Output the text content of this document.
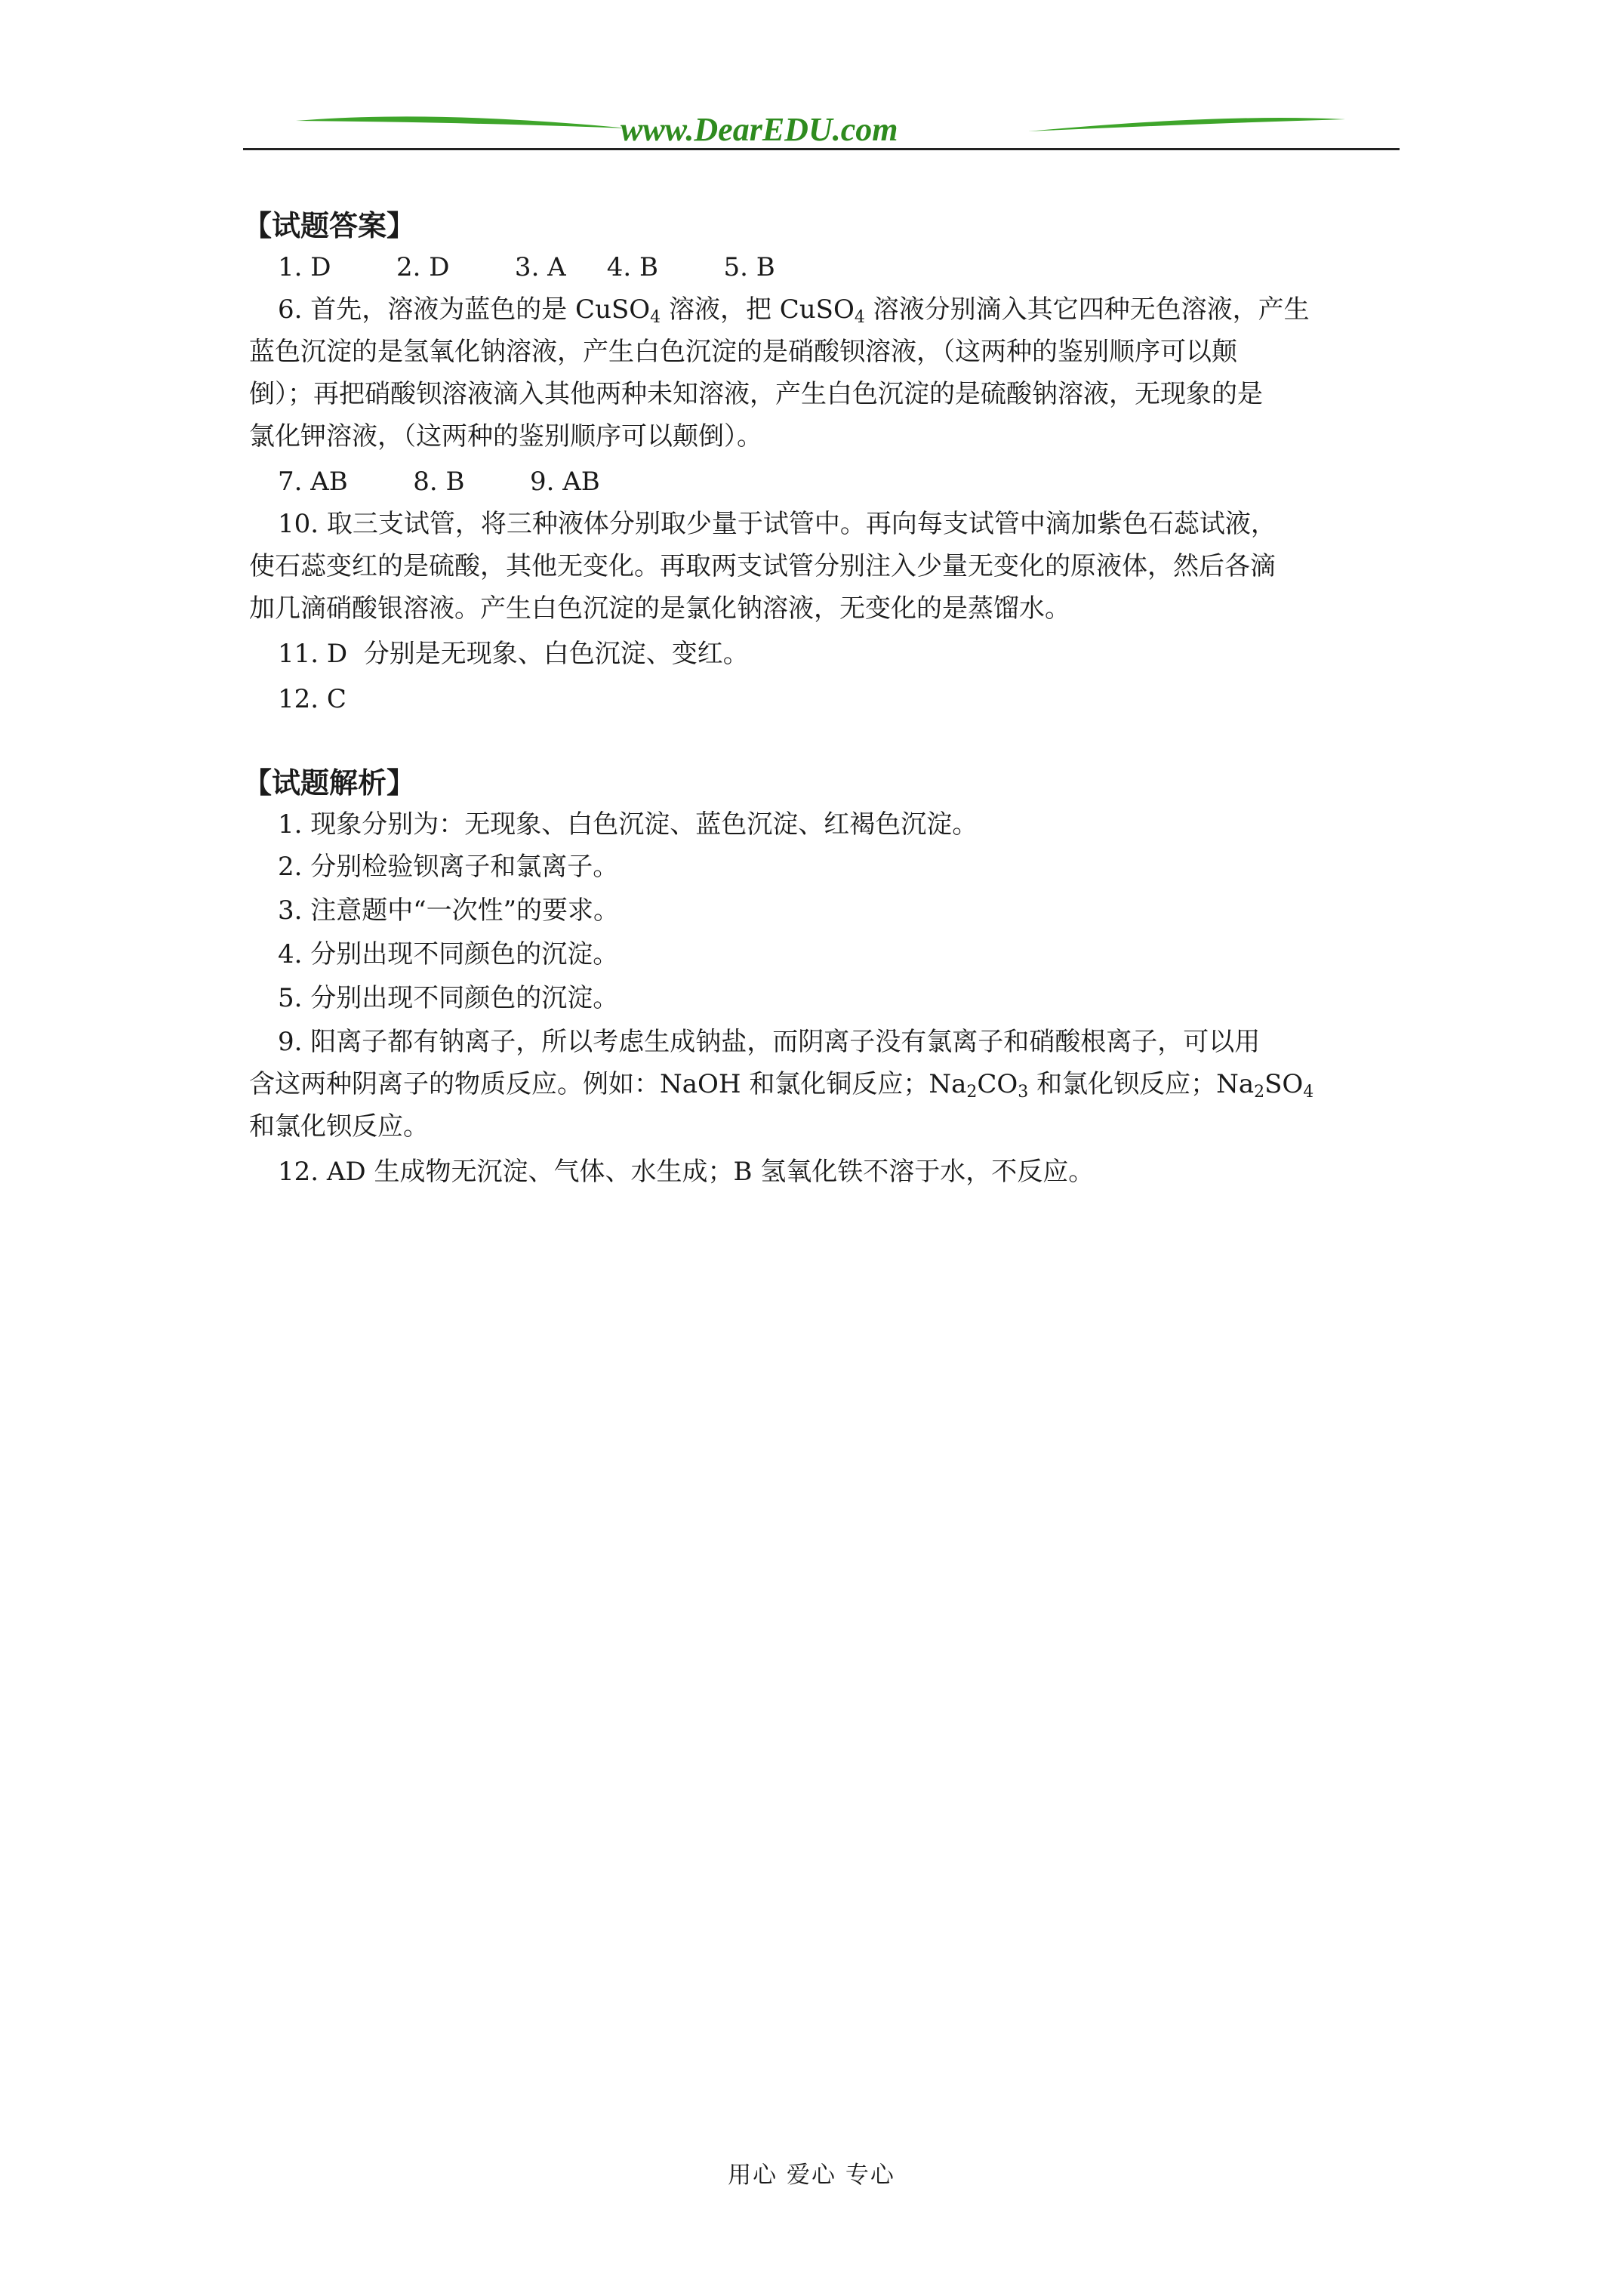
www.DearEDU.com
【试题答案】
1. D        2. D        3. A     4. B        5. B
6. 首先，溶液为蓝色的是 CuSO$_4$ 溶液，把 CuSO$_4$ 溶液分别滴入其它四种无色溶液，产生
蓝色沉淀的是氢氧化钠溶液，产生白色沉淀的是硝酸钡溶液，（这两种的鉴别顺序可以颠
倒）；再把硝酸钡溶液滴入其他两种未知溶液，产生白色沉淀的是硫酸钠溶液，无现象的是
氯化钾溶液，（这两种的鉴别顺序可以颠倒）。
7. AB        8. B        9. AB
10. 取三支试管，将三种液体分别取少量于试管中。再向每支试管中滴加紫色石蕊试液，
使石蕊变红的是硫酸，其他无变化。再取两支试管分别注入少量无变化的原液体，然后各滴
加几滴硝酸银溶液。产生白色沉淀的是氯化钠溶液，无变化的是蒸馏水。
11. D  分别是无现象、白色沉淀、变红。
12. C
【试题解析】
1. 现象分别为：无现象、白色沉淀、蓝色沉淀、红褐色沉淀。
2. 分别检验钡离子和氯离子。
3. 注意题中“一次性”的要求。
4. 分别出现不同颜色的沉淀。
5. 分别出现不同颜色的沉淀。
9. 阳离子都有钠离子，所以考虑生成钠盐，而阴离子没有氯离子和硝酸根离子，可以用
含这两种阴离子的物质反应。例如：NaOH 和氯化铜反应；$Na_2CO_3$ 和氯化钡反应；$Na_2SO_4$
和氯化钡反应。
12. AD 生成物无沉淀、气体、水生成；B 氢氧化铁不溶于水，不反应。
用心 爱心 专心
